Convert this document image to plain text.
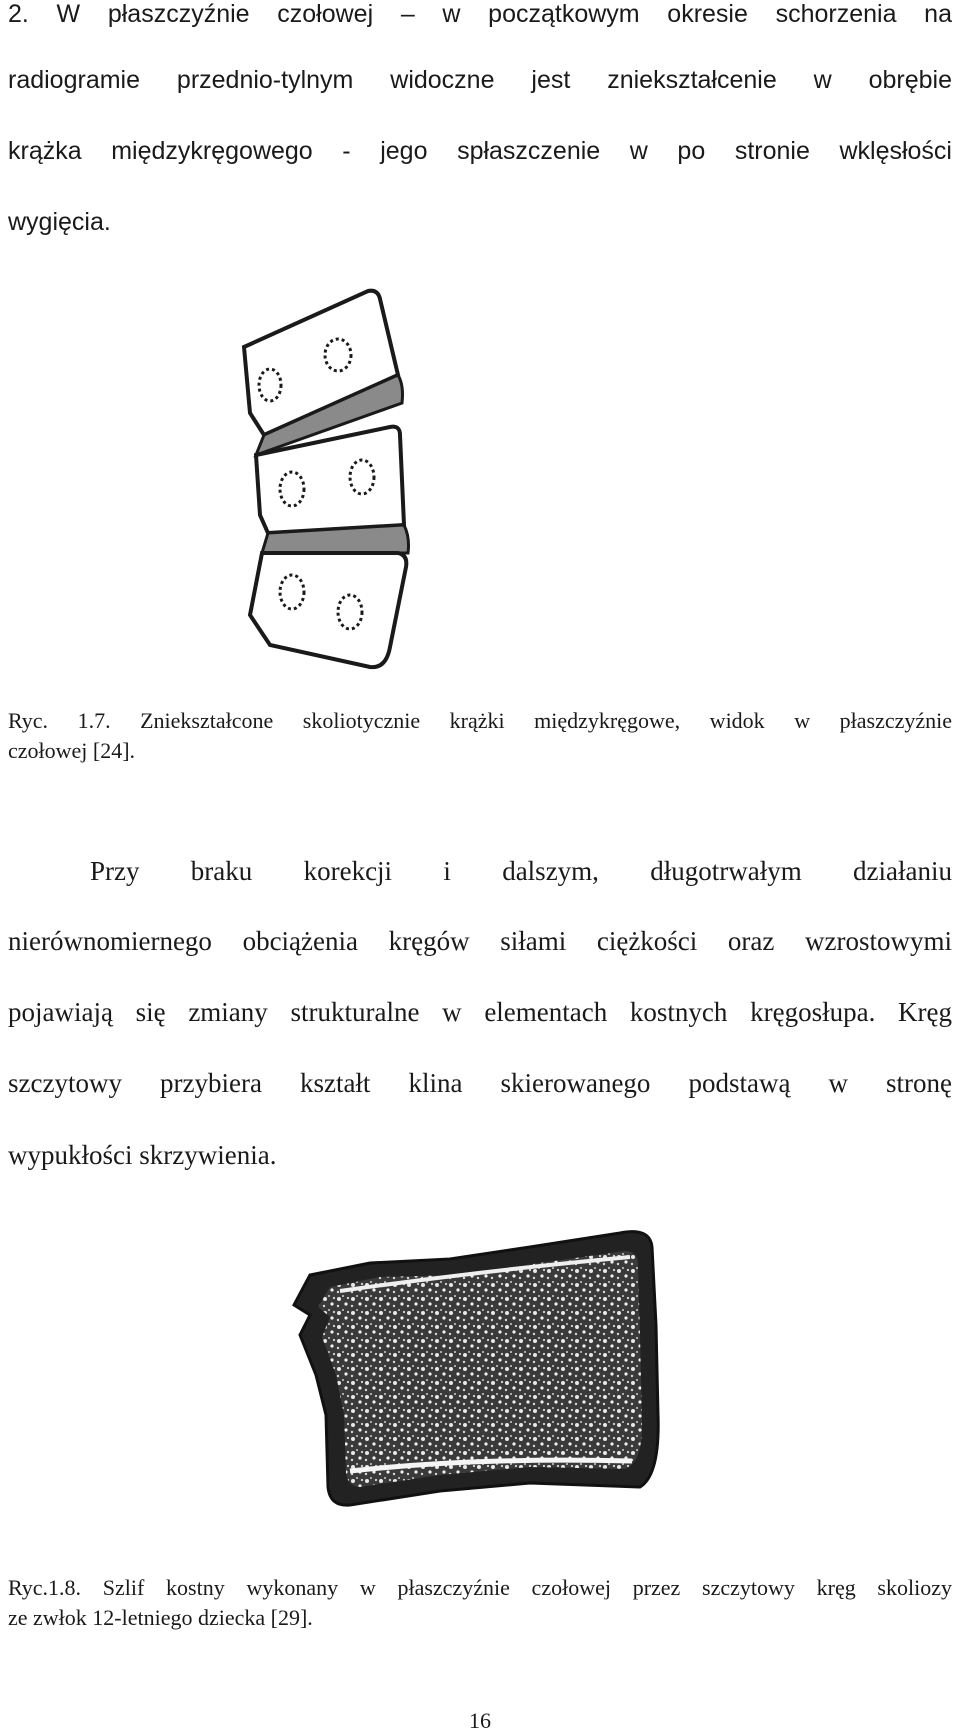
2. W płaszczyźnie czołowej – w początkowym okresie schorzenia na

radiogramie przednio-tylnym widoczne jest zniekształcenie w obrębie

krążka międzykręgowego - jego spłaszczenie w po stronie wklęsłości

wygięcia.

Ryc. 1.7. Zniekształcone skoliotycznie krążki międzykręgowe, widok w płaszczyźnie

czołowej [24].

Przy braku korekcji i dalszym, długotrwałym działaniu

nierównomiernego obciążenia kręgów siłami ciężkości oraz wzrostowymi

pojawiają się zmiany strukturalne w elementach kostnych kręgosłupa. Kręg

szczytowy przybiera kształt klina skierowanego podstawą w stronę

wypukłości skrzywienia.

Ryc.1.8. Szlif kostny wykonany w płaszczyźnie czołowej przez szczytowy kręg skoliozy

ze zwłok 12-letniego dziecka [29].

16
